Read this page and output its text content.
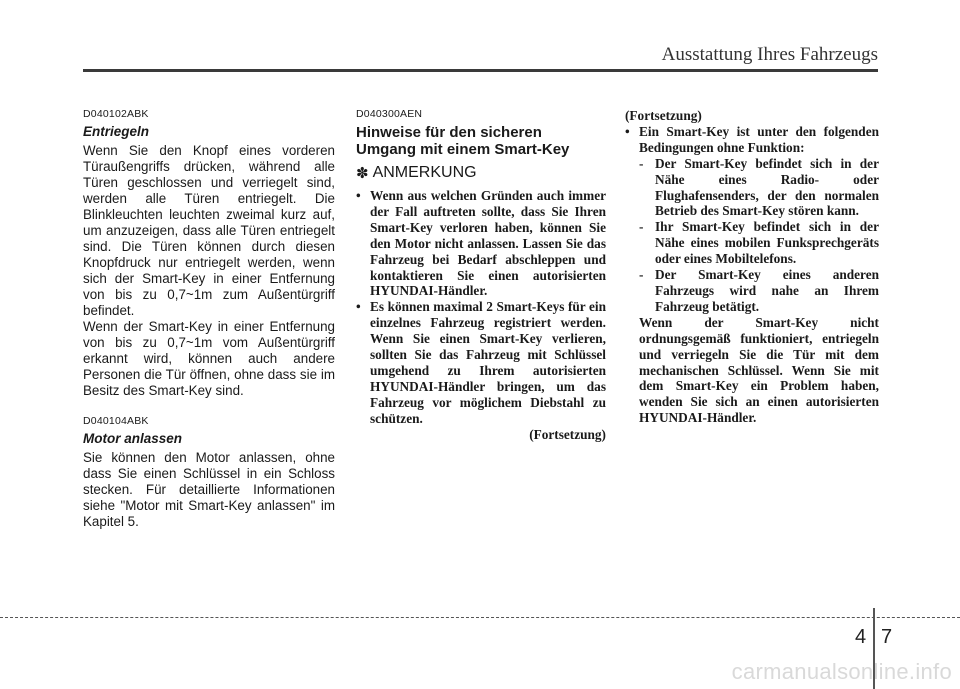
Ausstattung Ihres Fahrzeugs
D040102ABK
Entriegeln

Wenn Sie den Knopf eines vorderen Türaußengriffs drücken, während alle Türen geschlossen und verriegelt sind, werden alle Türen entriegelt. Die Blinkleuchten leuchten zweimal kurz auf, um anzuzeigen, dass alle Türen entriegelt sind. Die Türen können durch diesen Knopfdruck nur entriegelt werden, wenn sich der Smart-Key in einer Entfernung von bis zu 0,7~1m zum Außentürgriff befindet.

Wenn der Smart-Key in einer Entfernung von bis zu 0,7~1m vom Außentürgriff erkannt wird, können auch andere Personen die Tür öffnen, ohne dass sie im Besitz des Smart-Key sind.

D040104ABK
Motor anlassen

Sie können den Motor anlassen, ohne dass Sie einen Schlüssel in ein Schloss stecken. Für detaillierte Informationen siehe "Motor mit Smart-Key anlassen" im Kapitel 5.

D040300AEN
Hinweise für den sicheren Umgang mit einem Smart-Key
✽ ANMERKUNG
• Wenn aus welchen Gründen auch immer der Fall auftreten sollte, dass Sie Ihren Smart-Key verloren haben, können Sie den Motor nicht anlassen. Lassen Sie das Fahrzeug bei Bedarf abschleppen und kontaktieren Sie einen autorisierten HYUNDAI-Händler.
• Es können maximal 2 Smart-Keys für ein einzelnes Fahrzeug registriert werden. Wenn Sie einen Smart-Key verlieren, sollten Sie das Fahrzeug mit Schlüssel umgehend zu Ihrem autorisierten HYUNDAI-Händler bringen, um das Fahrzeug vor möglichem Diebstahl zu schützen.
(Fortsetzung)
(Fortsetzung)
• Ein Smart-Key ist unter den folgenden Bedingungen ohne Funktion:
- Der Smart-Key befindet sich in der Nähe eines Radio- oder Flughafensenders, der den normalen Betrieb des Smart-Key stören kann.
- Ihr Smart-Key befindet sich in der Nähe eines mobilen Funksprechgeräts oder eines Mobiltelefons.
- Der Smart-Key eines anderen Fahrzeugs wird nahe an Ihrem Fahrzeug betätigt.
Wenn der Smart-Key nicht ordnungsgemäß funktioniert, entriegeln und verriegeln Sie die Tür mit dem mechanischen Schlüssel. Wenn Sie mit dem Smart-Key ein Problem haben, wenden Sie sich an einen autorisierten HYUNDAI-Händler.
4 7
carmanualsonline.info
